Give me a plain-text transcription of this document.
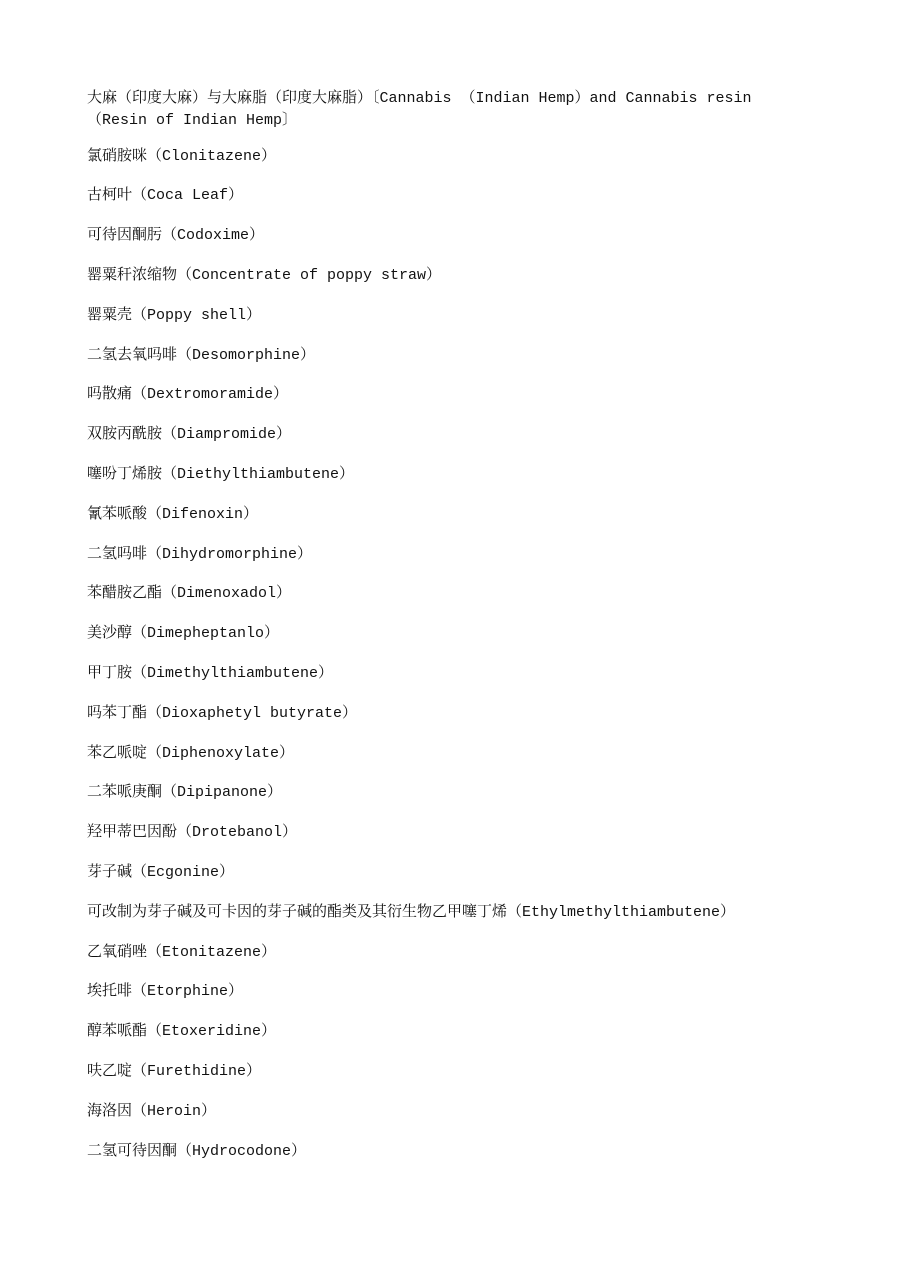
大麻（印度大麻）与大麻脂（印度大麻脂）〔Cannabis （Indian Hemp）and Cannabis resin （Resin of Indian Hemp〕
氯硝胺咪（Clonitazene）
古柯叶（Coca Leaf）
可待因酮肟（Codoxime）
罂粟秆浓缩物（Concentrate of poppy straw）
罂粟壳（Poppy shell）
二氢去氧吗啡（Desomorphine）
吗散痛（Dextromoramide）
双胺丙酰胺（Diampromide）
噻吩丁烯胺（Diethylthiambutene）
氰苯哌酸（Difenoxin）
二氢吗啡（Dihydromorphine）
苯醋胺乙酯（Dimenoxadol）
美沙醇（Dimepheptanlo）
甲丁胺（Dimethylthiambutene）
吗苯丁酯（Dioxaphetyl butyrate）
苯乙哌啶（Diphenoxylate）
二苯哌庚酮（Dipipanone）
羟甲蒂巴因酚（Drotebanol）
芽子碱（Ecgonine）
可改制为芽子碱及可卡因的芽子碱的酯类及其衍生物乙甲噻丁烯（Ethylmethylthiambutene）
乙氧硝唑（Etonitazene）
埃托啡（Etorphine）
醇苯哌酯（Etoxeridine）
呋乙啶（Furethidine）
海洛因（Heroin）
二氢可待因酮（Hydrocodone）
